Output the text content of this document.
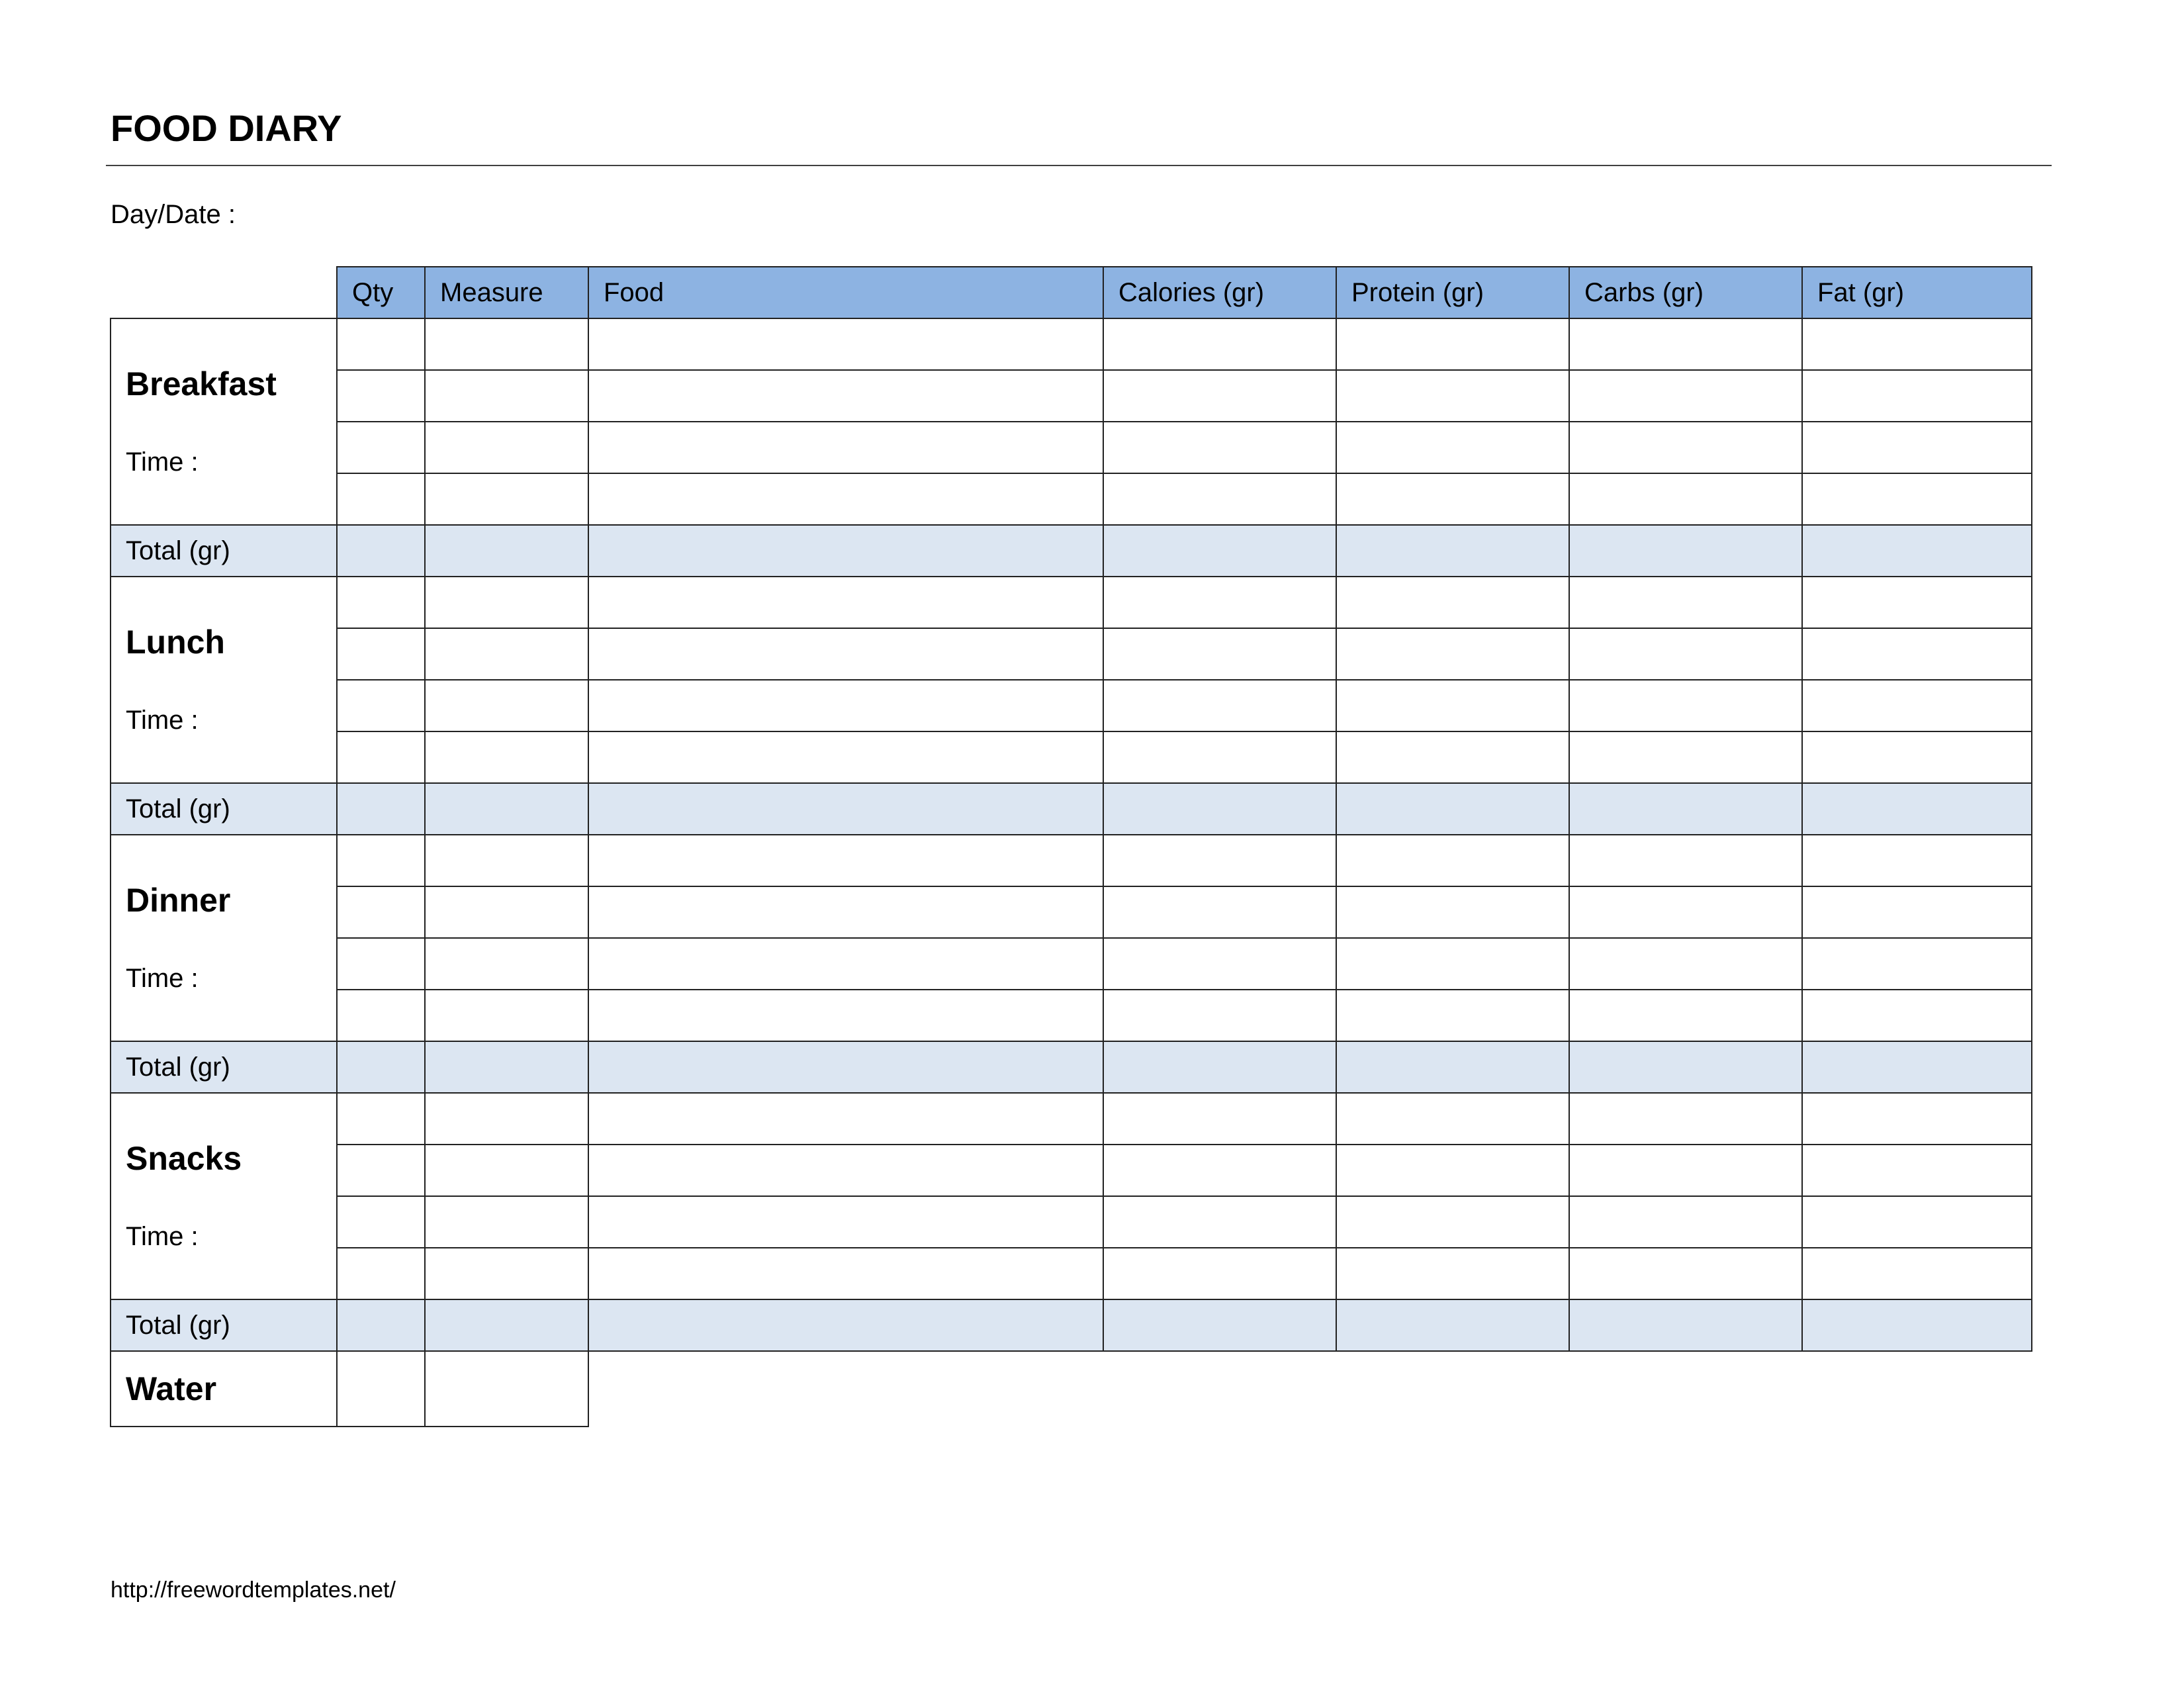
FOOD DIARY
Day/Date :
	Qty	Measure	Food	Calories (gr)	Protein (gr)	Carbs (gr)	Fat (gr)

Breakfast
Time :							

Total (gr)							

Lunch
Time :							

Total (gr)							

Dinner
Time :							

Total (gr)							

Snacks
Time :							

Total (gr)							
Water							
http://freewordtemplates.net/
